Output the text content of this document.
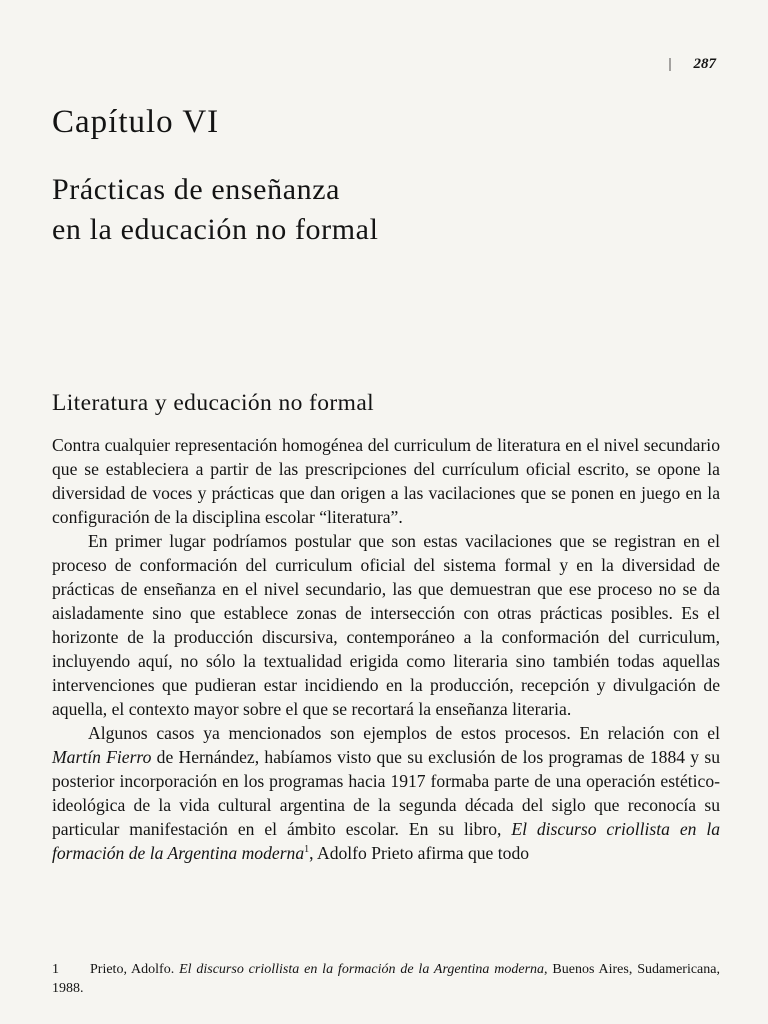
| 287
Capítulo VI
Prácticas de enseñanza
en la educación no formal
Literatura y educación no formal

Contra cualquier representación homogénea del curriculum de literatura en el nivel secundario que se estableciera a partir de las prescripciones del currículum oficial escrito, se opone la diversidad de voces y prácticas que dan origen a las vacilaciones que se ponen en juego en la configuración de la disciplina escolar “literatura”.

En primer lugar podríamos postular que son estas vacilaciones que se registran en el proceso de conformación del curriculum oficial del sistema formal y en la diversidad de prácticas de enseñanza en el nivel secundario, las que demuestran que ese proceso no se da aisladamente sino que establece zonas de intersección con otras prácticas posibles. Es el horizonte de la producción discursiva, contemporáneo a la conformación del curriculum, incluyendo aquí, no sólo la textualidad erigida como literaria sino también todas aquellas intervenciones que pudieran estar incidiendo en la producción, recepción y divulgación de aquella, el contexto mayor sobre el que se recortará la enseñanza literaria.

Algunos casos ya mencionados son ejemplos de estos procesos. En relación con el Martín Fierro de Hernández, habíamos visto que su exclusión de los programas de 1884 y su posterior incorporación en los programas hacia 1917 formaba parte de una operación estético-ideológica de la vida cultural argentina de la segunda década del siglo que reconocía su particular manifestación en el ámbito escolar. En su libro, El discurso criollista en la formación de la Argentina moderna$^1$, Adolfo Prieto afirma que todo

1 Prieto, Adolfo. El discurso criollista en la formación de la Argentina moderna, Buenos Aires, Sudamericana, 1988.
